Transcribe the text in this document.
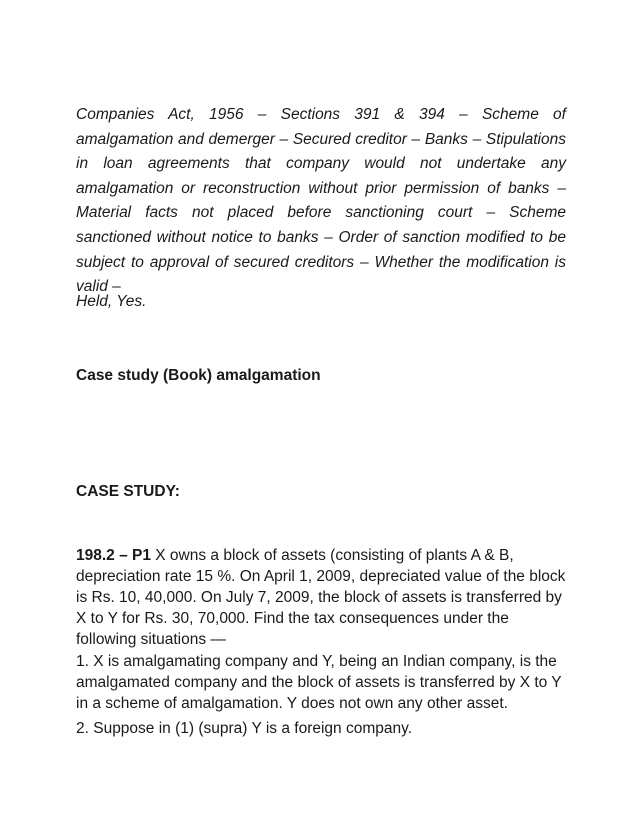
Companies Act, 1956 – Sections 391 & 394 – Scheme of amalgamation and demerger – Secured creditor – Banks – Stipulations in loan agreements that company would not undertake any amalgamation or reconstruction without prior permission of banks – Material facts not placed before sanctioning court – Scheme sanctioned without notice to banks – Order of sanction modified to be subject to approval of secured creditors – Whether the modification is valid –

Held, Yes.

Case study (Book) amalgamation

CASE STUDY:

198.2 – P1 X owns a block of assets (consisting of plants A & B, depreciation rate 15 %. On April 1, 2009, depreciated value of the block is Rs. 10, 40,000. On July 7, 2009, the block of assets is transferred by X to Y for Rs. 30, 70,000. Find the tax consequences under the following situations —

1. X is amalgamating company and Y, being an Indian company, is the amalgamated company and the block of assets is transferred by X to Y in a scheme of amalgamation. Y does not own any other asset.

2. Suppose in (1) (supra) Y is a foreign company.
